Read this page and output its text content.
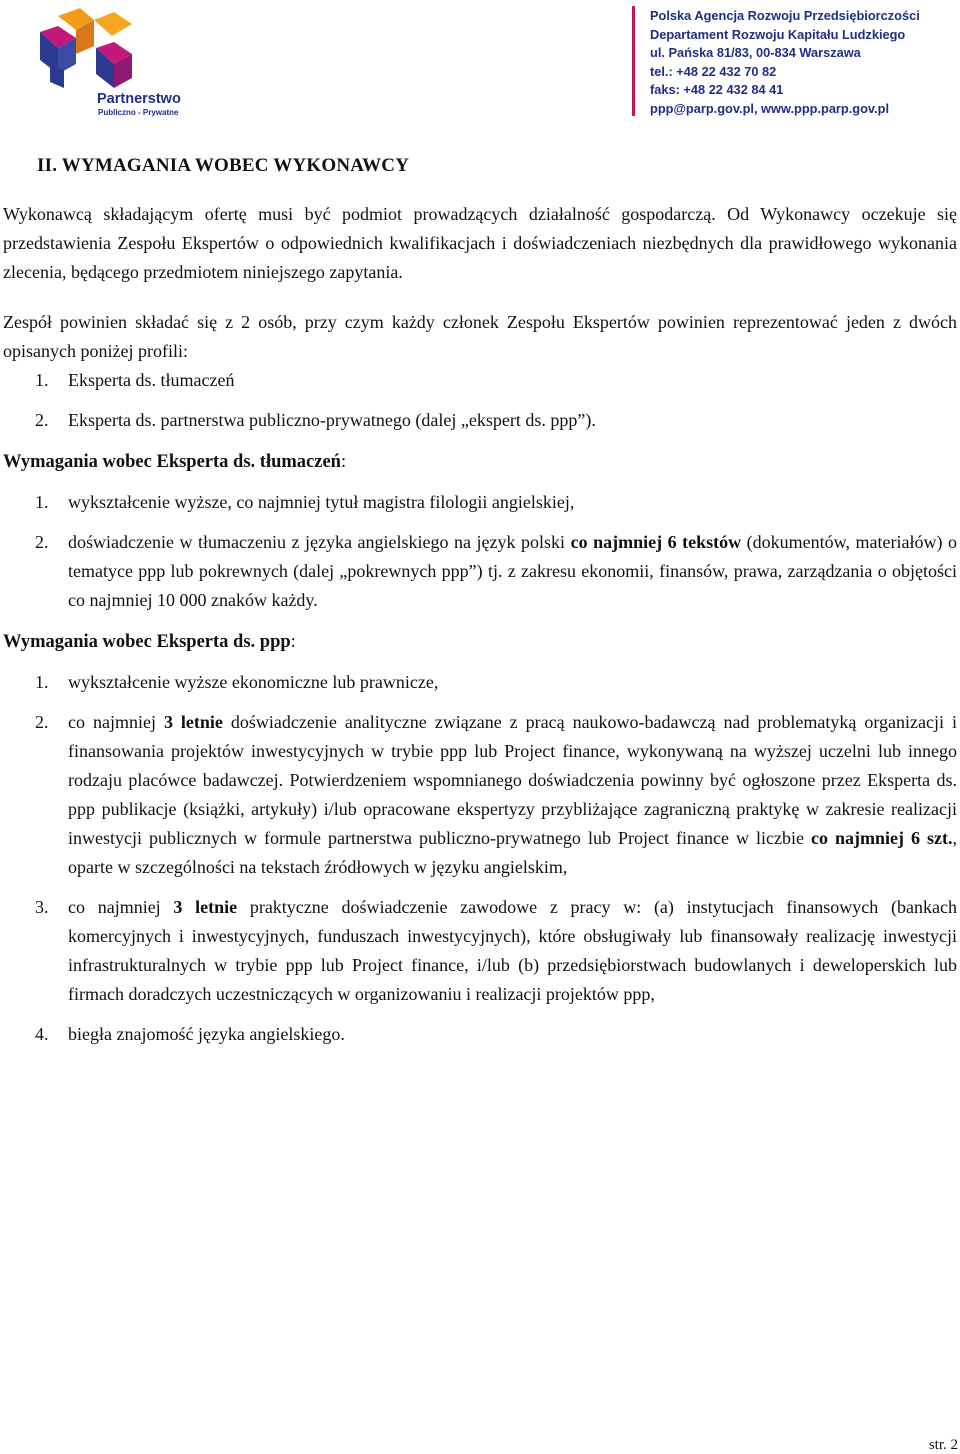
Partnerstwo
Publiczno - Prywatne
Polska Agencja Rozwoju Przedsiębiorczości
Departament Rozwoju Kapitału Ludzkiego
ul. Pańska 81/83, 00-834 Warszawa
tel.: +48 22 432 70 82
faks: +48 22 432 84 41
ppp@parp.gov.pl, www.ppp.parp.gov.pl
II. WYMAGANIA WOBEC WYKONAWCY

Wykonawcą składającym ofertę musi być podmiot prowadzących działalność gospodarczą. Od Wykonawcy oczekuje się przedstawienia Zespołu Ekspertów o odpowiednich kwalifikacjach i doświadczeniach niezbędnych dla prawidłowego wykonania zlecenia, będącego przedmiotem niniejszego zapytania.

Zespół powinien składać się z 2 osób, przy czym każdy członek Zespołu Ekspertów powinien reprezentować jeden z dwóch opisanych poniżej profili:

1. Eksperta ds. tłumaczeń
2. Eksperta ds. partnerstwa publiczno-prywatnego (dalej „ekspert ds. ppp”).

Wymagania wobec Eksperta ds. tłumaczeń:

1. wykształcenie wyższe, co najmniej tytuł magistra filologii angielskiej,
2. doświadczenie w tłumaczeniu z języka angielskiego na język polski co najmniej 6 tekstów (dokumentów, materiałów) o tematyce ppp lub pokrewnych (dalej „pokrewnych ppp”) tj. z zakresu ekonomii, finansów, prawa, zarządzania o objętości co najmniej 10 000 znaków każdy.

Wymagania wobec Eksperta ds. ppp:

1. wykształcenie wyższe ekonomiczne lub prawnicze,
2. co najmniej 3 letnie doświadczenie analityczne związane z pracą naukowo-badawczą nad problematyką organizacji i finansowania projektów inwestycyjnych w trybie ppp lub Project finance, wykonywaną na wyższej uczelni lub innego rodzaju placówce badawczej. Potwierdzeniem wspomnianego doświadczenia powinny być ogłoszone przez Eksperta ds. ppp publikacje (książki, artykuły) i/lub opracowane ekspertyzy przybliżające zagraniczną praktykę w zakresie realizacji inwestycji publicznych w formule partnerstwa publiczno-prywatnego lub Project finance w liczbie co najmniej 6 szt., oparte w szczególności na tekstach źródłowych w języku angielskim,
3. co najmniej 3 letnie praktyczne doświadczenie zawodowe z pracy w: (a) instytucjach finansowych (bankach komercyjnych i inwestycyjnych, funduszach inwestycyjnych), które obsługiwały lub finansowały realizację inwestycji infrastrukturalnych w trybie ppp lub Project finance, i/lub (b) przedsiębiorstwach budowlanych i deweloperskich lub firmach doradczych uczestniczących w organizowaniu i realizacji projektów ppp,
4. biegła znajomość języka angielskiego.
str. 2
